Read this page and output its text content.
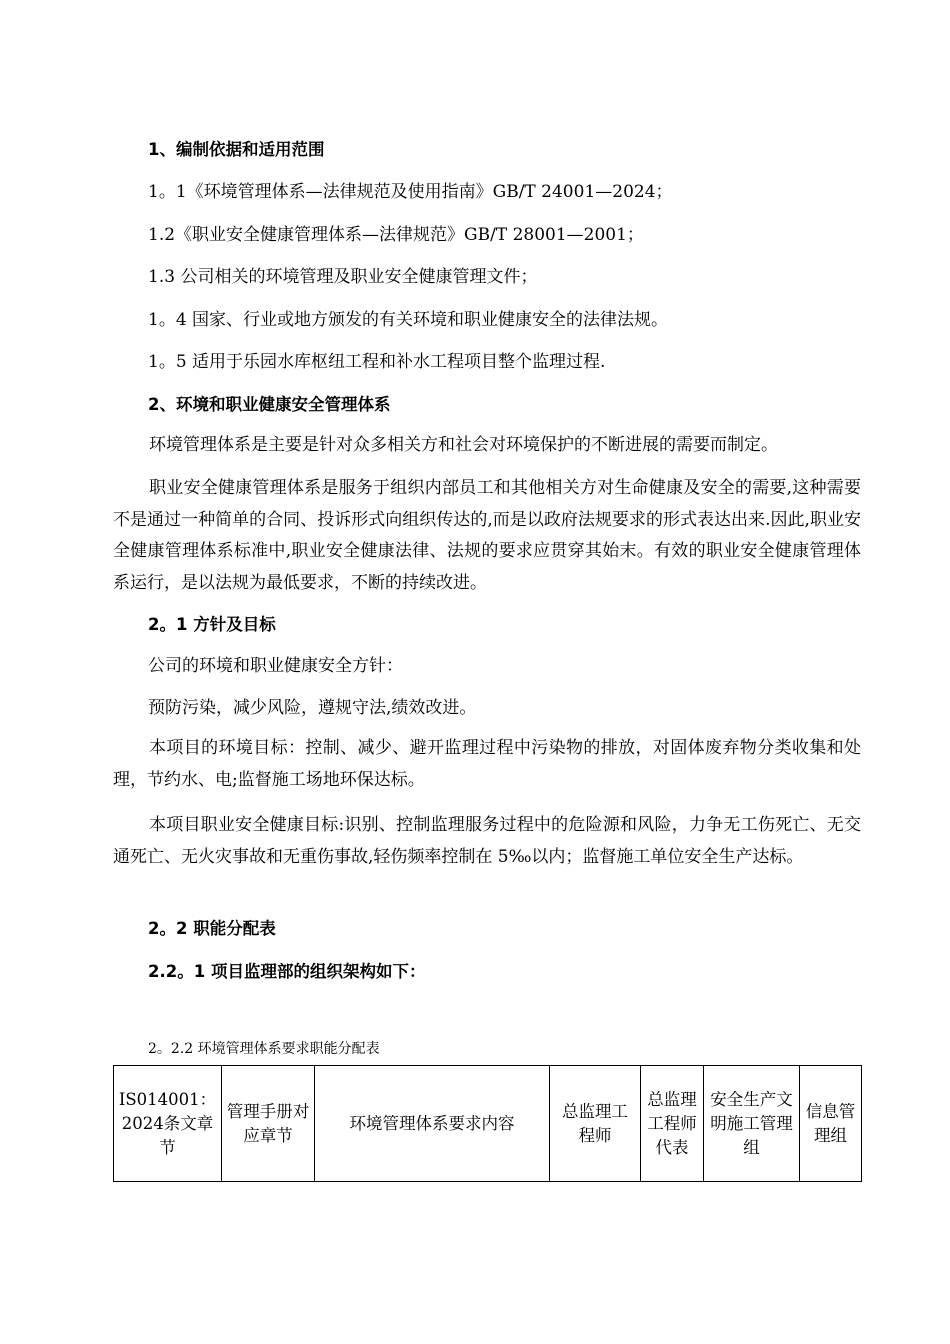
1、编制依据和适用范围
1。1《环境管理体系—法律规范及使用指南》GB/T 24001—2024；
1.2《职业安全健康管理体系—法律规范》GB/T 28001—2001；
1.3 公司相关的环境管理及职业安全健康管理文件；
1。4 国家、行业或地方颁发的有关环境和职业健康安全的法律法规。
1。5 适用于乐园水库枢纽工程和补水工程项目整个监理过程.
2、环境和职业健康安全管理体系
环境管理体系是主要是针对众多相关方和社会对环境保护的不断进展的需要而制定。
职业安全健康管理体系是服务于组织内部员工和其他相关方对生命健康及安全的需要,这种需要不是通过一种简单的合同、投诉形式向组织传达的,而是以政府法规要求的形式表达出来.因此,职业安全健康管理体系标准中,职业安全健康法律、法规的要求应贯穿其始末。有效的职业安全健康管理体系运行，是以法规为最低要求，不断的持续改进。
2。1 方针及目标
公司的环境和职业健康安全方针：
预防污染，减少风险，遵规守法,绩效改进。
本项目的环境目标：控制、减少、避开监理过程中污染物的排放，对固体废弃物分类收集和处理，节约水、电;监督施工场地环保达标。
本项目职业安全健康目标:识别、控制监理服务过程中的危险源和风险，力争无工伤死亡、无交通死亡、无火灾事故和无重伤事故,轻伤频率控制在 5‰以内；监督施工单位安全生产达标。
2。2 职能分配表
2.2。1 项目监理部的组织架构如下：
2。2.2 环境管理体系要求职能分配表
IS014001：2024条文章节	管理手册对应章节	环境管理体系要求内容	总监理工程师	总监理工程师代表	安全生产文明施工管理组	信息管理组
